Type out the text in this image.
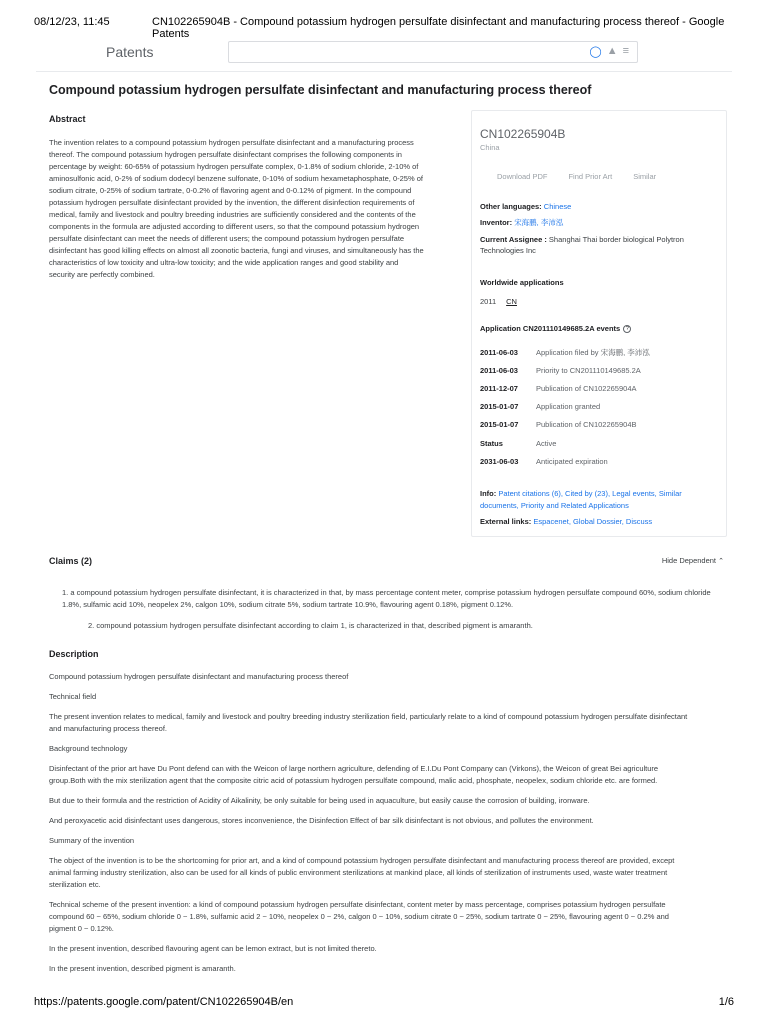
08/12/23, 11:45	CN102265904B - Compound potassium hydrogen persulfate disinfectant and manufacturing process thereof - Google Patents
Patents	◯ ▲ ≡
Compound potassium hydrogen persulfate disinfectant and manufacturing process thereof
Abstract

The invention relates to a compound potassium hydrogen persulfate disinfectant and a manufacturing process thereof. The compound potassium hydrogen persulfate disinfectant comprises the following components in percentage by weight: 60-65% of potassium hydrogen persulfate complex, 0-1.8% of sodium chloride, 2-10% of aminosulfonic acid, 0-2% of sodium dodecyl benzene sulfonate, 0-10% of sodium hexametaphosphate, 0-25% of sodium citrate, 0-25% of sodium tartrate, 0-0.2% of flavoring agent and 0-0.12% of pigment. In the compound potassium hydrogen persulfate disinfectant provided by the invention, the different disinfection requirements of medical, family and livestock and poultry breeding industries are sufficiently considered and the contents of the components in the formula are adjusted according to different users, so that the compound potassium hydrogen persulfate disinfectant can meet the needs of different users; the compound potassium hydrogen persulfate disinfectant has good killing effects on almost all zoonotic bacteria, fungi and viruses, and simultaneously has the characteristics of low toxicity and ultra-low toxicity; and the wide application ranges and good stability and security are perfectly combined.

CN102265904B
China
Download PDF	Find Prior Art	Similar
Other languages: Chinese
Inventor: 宋海鹏, 李沛泓
Current Assignee : Shanghai Thai border biological Polytron Technologies Inc
Worldwide applications
2011 CN
Application CN201110149685.2A events ?
2011-06-03	Application filed by 宋海鹏, 李沛泓
2011-06-03	Priority to CN201110149685.2A
2011-12-07	Publication of CN102265904A
2015-01-07	Application granted
2015-01-07	Publication of CN102265904B
Status	Active
2031-06-03	Anticipated expiration
Info: Patent citations (6), Cited by (23), Legal events, Similar documents, Priority and Related Applications
External links: Espacenet, Global Dossier, Discuss
Claims (2)	Hide Dependent ⌃

1. a compound potassium hydrogen persulfate disinfectant, it is characterized in that, by mass percentage content meter, comprise potassium hydrogen persulfate compound 60%, sodium chloride 1.8%, sulfamic acid 10%, neopelex 2%, calgon 10%, sodium citrate 5%, sodium tartrate 10.9%, flavouring agent 0.18%, pigment 0.12%.

2. compound potassium hydrogen persulfate disinfectant according to claim 1, is characterized in that, described pigment is amaranth.

Description

Compound potassium hydrogen persulfate disinfectant and manufacturing process thereof

Technical field

The present invention relates to medical, family and livestock and poultry breeding industry sterilization field, particularly relate to a kind of compound potassium hydrogen persulfate disinfectant and manufacturing process thereof.

Background technology

Disinfectant of the prior art have Du Pont defend can with the Weicon of large northern agriculture, defending of E.I.Du Pont Company can (Virkons), the Weicon of great Bei agriculture group.Both with the mix sterilization agent that the composite citric acid of potassium hydrogen persulfate compound, malic acid, phosphate, neopelex, sodium chloride etc. are formed.

But due to their formula and the restriction of Acidity of Aikalinity, be only suitable for being used in aquaculture, but easily cause the corrosion of building, ironware.

And peroxyacetic acid disinfectant uses dangerous, stores inconvenience, the Disinfection Effect of bar silk disinfectant is not obvious, and pollutes the environment.

Summary of the invention

The object of the invention is to be the shortcoming for prior art, and a kind of compound potassium hydrogen persulfate disinfectant and manufacturing process thereof are provided, except animal farming industry sterilization, also can be used for all kinds of public environment sterilizations at mankind place, all kinds of sterilization of instruments used, waste water treatment sterilization etc.

Technical scheme of the present invention: a kind of compound potassium hydrogen persulfate disinfectant, content meter by mass percentage, comprises potassium hydrogen persulfate compound 60 ~ 65%, sodium chloride 0 ~ 1.8%, sulfamic acid 2 ~ 10%, neopelex 0 ~ 2%, calgon 0 ~ 10%, sodium citrate 0 ~ 25%, sodium tartrate 0 ~ 25%, flavouring agent 0 ~ 0.2% and pigment 0 ~ 0.12%.

In the present invention, described flavouring agent can be lemon extract, but is not limited thereto.

In the present invention, described pigment is amaranth.

https://patents.google.com/patent/CN102265904B/en	1/6
